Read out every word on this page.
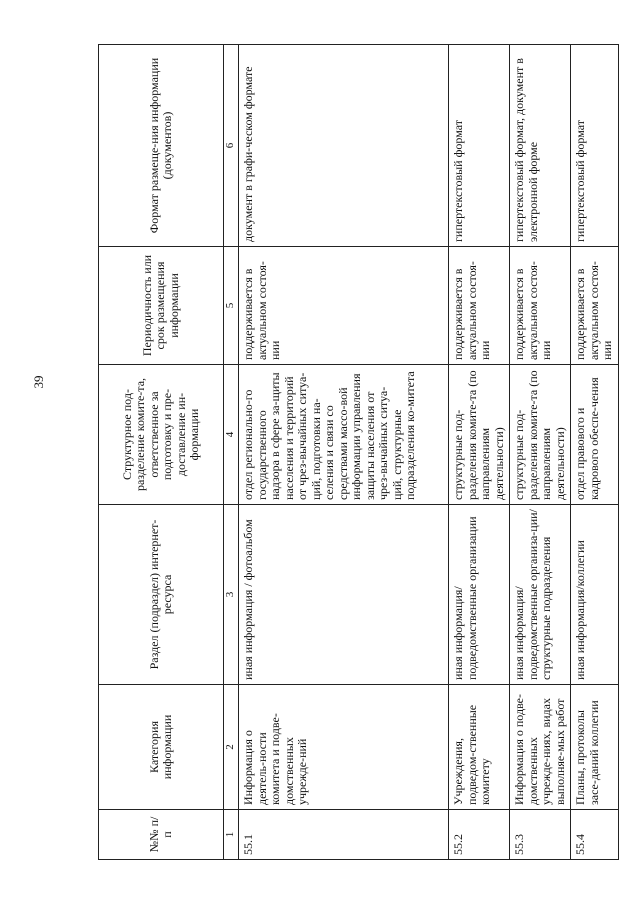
39
№№ п/п	Категория информации	Раздел (подраздел) интернет-ресурса	Структурное под-разделение комите-та, ответственное за подготовку и пре-доставление ин-формации	Периодичность или срок размещения информации	Формат размеще-ния информации (документов)
1	2	3	4	5	6
55.1	Информация о деятель-ности комитета и подве-домственных учрежде-ний	иная информация / фотоальбом	отдел регионально-го государственного надзора в сфере за-щиты населения и территорий от чрез-вычайных ситуа-ций, подготовки на-селения и связи со средствами массо-вой информации управления защиты населения от чрез-вычайных ситуа-ций, структурные подразделения ко-митета	поддерживается в актуальном состоя-нии	документ в графи-ческом формате
55.2	Учреждения, подведом-ственные комитету	иная информация/ подведомственные организации	структурные под-разделения комите-та (по направлениям деятельности)	поддерживается в актуальном состоя-нии	гипертекстовый формат
55.3	Информация о подве-домственных учрежде-ниях, видах выполняе-мых работ	иная информация/ подведомственные организа-ции/структурные подразделения	структурные под-разделения комите-та (по направлениям деятельности)	поддерживается в актуальном состоя-нии	гипертекстовый формат, документ в электронной форме
55.4	Планы, протоколы засе-даний коллегии	иная информация/коллегии	отдел правового и кадрового обеспе-чения	поддерживается в актуальном состоя-нии	гипертекстовый формат
